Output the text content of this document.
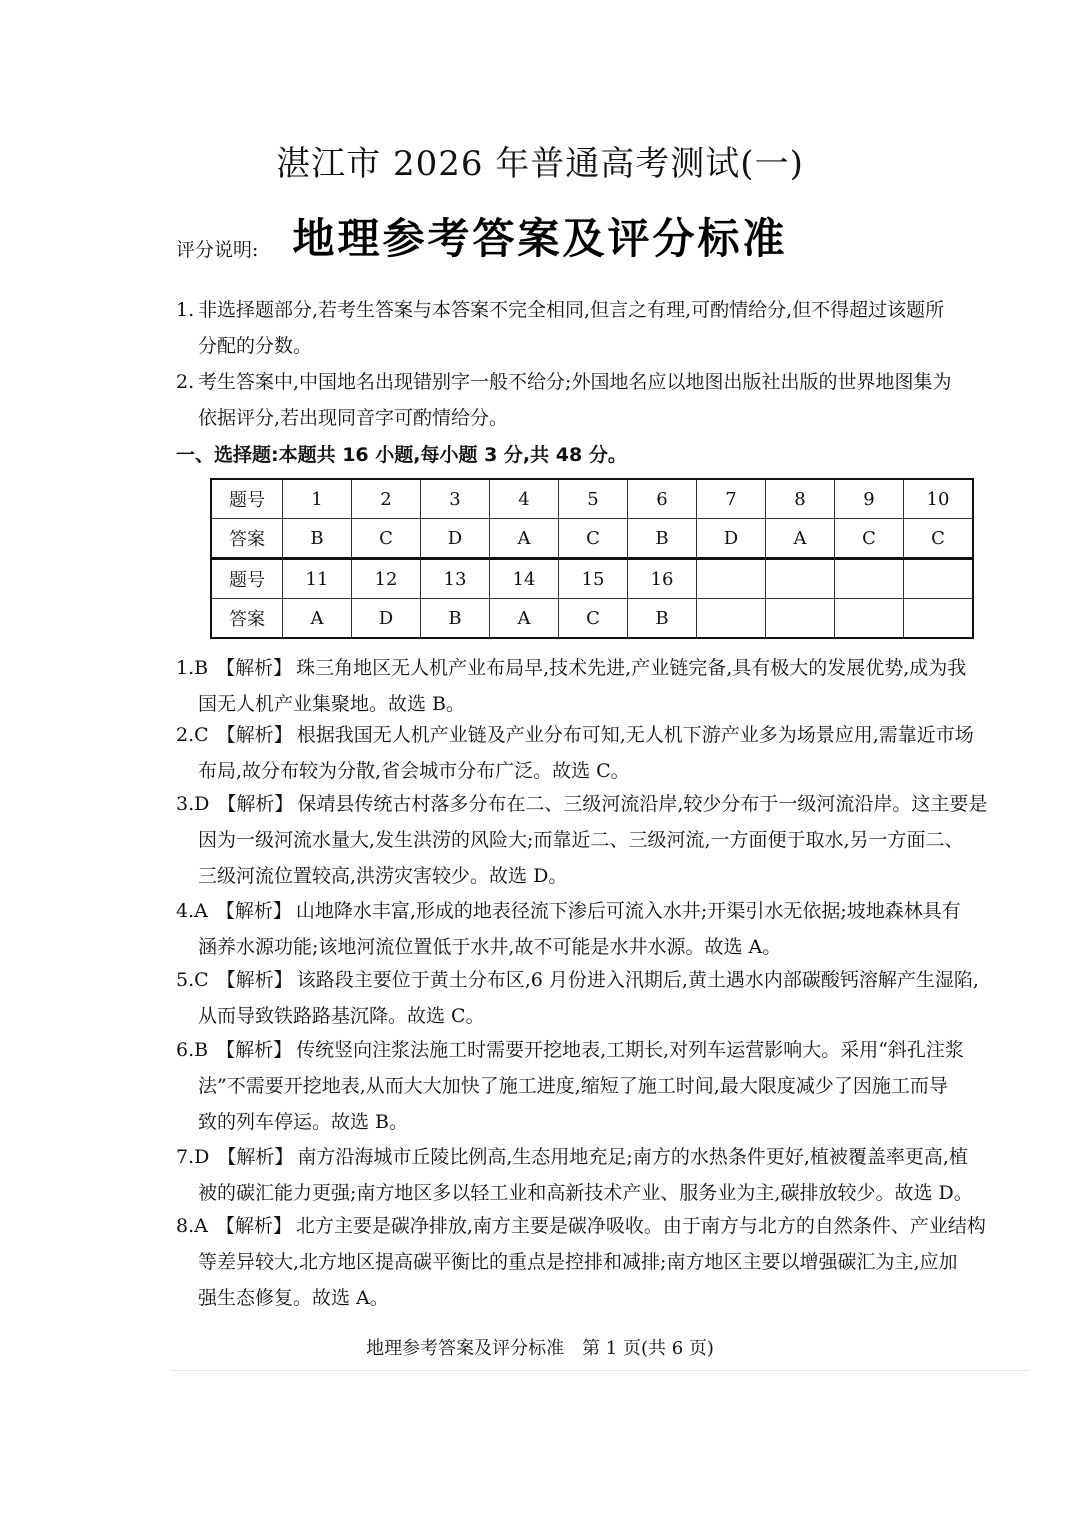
湛江市 2026 年普通高考测试(一)
地理参考答案及评分标准
评分说明:
1. 非选择题部分,若考生答案与本答案不完全相同,但言之有理,可酌情给分,但不得超过该题所
分配的分数。
2. 考生答案中,中国地名出现错别字一般不给分;外国地名应以地图出版社出版的世界地图集为
依据评分,若出现同音字可酌情给分。
一、选择题:本题共 16 小题,每小题 3 分,共 48 分。
题号	1	2	3	4	5	6	7	8	9	10
答案	B	C	D	A	C	B	D	A	C	C
题号	11	12	13	14	15	16				
答案	A	D	B	A	C	B				
1.B 【解析】 珠三角地区无人机产业布局早,技术先进,产业链完备,具有极大的发展优势,成为我
国无人机产业集聚地。故选 B。
2.C 【解析】 根据我国无人机产业链及产业分布可知,无人机下游产业多为场景应用,需靠近市场
布局,故分布较为分散,省会城市分布广泛。故选 C。
3.D 【解析】 保靖县传统古村落多分布在二、三级河流沿岸,较少分布于一级河流沿岸。这主要是
因为一级河流水量大,发生洪涝的风险大;而靠近二、三级河流,一方面便于取水,另一方面二、
三级河流位置较高,洪涝灾害较少。故选 D。
4.A 【解析】 山地降水丰富,形成的地表径流下渗后可流入水井;开渠引水无依据;坡地森林具有
涵养水源功能;该地河流位置低于水井,故不可能是水井水源。故选 A。
5.C 【解析】 该路段主要位于黄土分布区,6 月份进入汛期后,黄土遇水内部碳酸钙溶解产生湿陷,
从而导致铁路路基沉降。故选 C。
6.B 【解析】 传统竖向注浆法施工时需要开挖地表,工期长,对列车运营影响大。采用“斜孔注浆
法”不需要开挖地表,从而大大加快了施工进度,缩短了施工时间,最大限度减少了因施工而导
致的列车停运。故选 B。
7.D 【解析】 南方沿海城市丘陵比例高,生态用地充足;南方的水热条件更好,植被覆盖率更高,植
被的碳汇能力更强;南方地区多以轻工业和高新技术产业、服务业为主,碳排放较少。故选 D。
8.A 【解析】 北方主要是碳净排放,南方主要是碳净吸收。由于南方与北方的自然条件、产业结构
等差异较大,北方地区提高碳平衡比的重点是控排和减排;南方地区主要以增强碳汇为主,应加
强生态修复。故选 A。
地理参考答案及评分标准　第 1 页(共 6 页)
